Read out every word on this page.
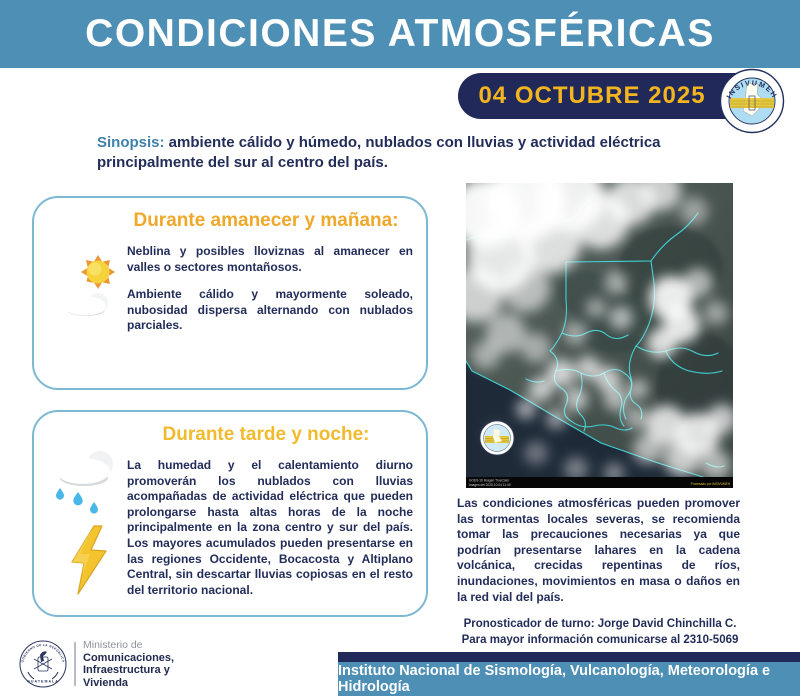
CONDICIONES ATMOSFÉRICAS
04 OCTUBRE 2025	INSIVUMEH
Sinopsis: ambiente cálido y húmedo, nublados con lluvias y actividad eléctrica principalmente del sur al centro del país.
Durante amanecer y mañana:

Neblina y posibles lloviznas al amanecer en valles o sectores montañosos.

Ambiente cálido y mayormente soleado, nubosidad dispersa alternando con nublados parciales.

Durante tarde y noche:

La humedad y el calentamiento diurno promoverán los nublados con lluvias acompañadas de actividad eléctrica que pueden prolongarse hasta altas horas de la noche principalmente en la zona centro y sur del país. Los mayores acumulados pueden presentarse en las regiones Occidente, Bocacosta y Altiplano Central, sin descartar lluvias copiosas en el resto del territorio nacional.

GOES-16 Imagen TrueColor
Imagen del 2025-10-04 11:40	Procesado por INSIVUMEH
Las condiciones atmosféricas pueden promover las tormentas locales severas, se recomienda tomar las precauciones necesarias ya que podrían presentarse lahares en la cadena volcánica, crecidas repentinas de ríos, inundaciones, movimientos en masa o daños en la red vial del país.
Pronosticador de turno: Jorge David Chinchilla C.
Para mayor información comunicarse al 2310-5069
Instituto Nacional de Sismología, Vulcanología, Meteorología e Hidrología
GOBIERNO DE LA REPÚBLICA
GUATEMALA
Ministerio de
Comunicaciones,
Infraestructura y
Vivienda
